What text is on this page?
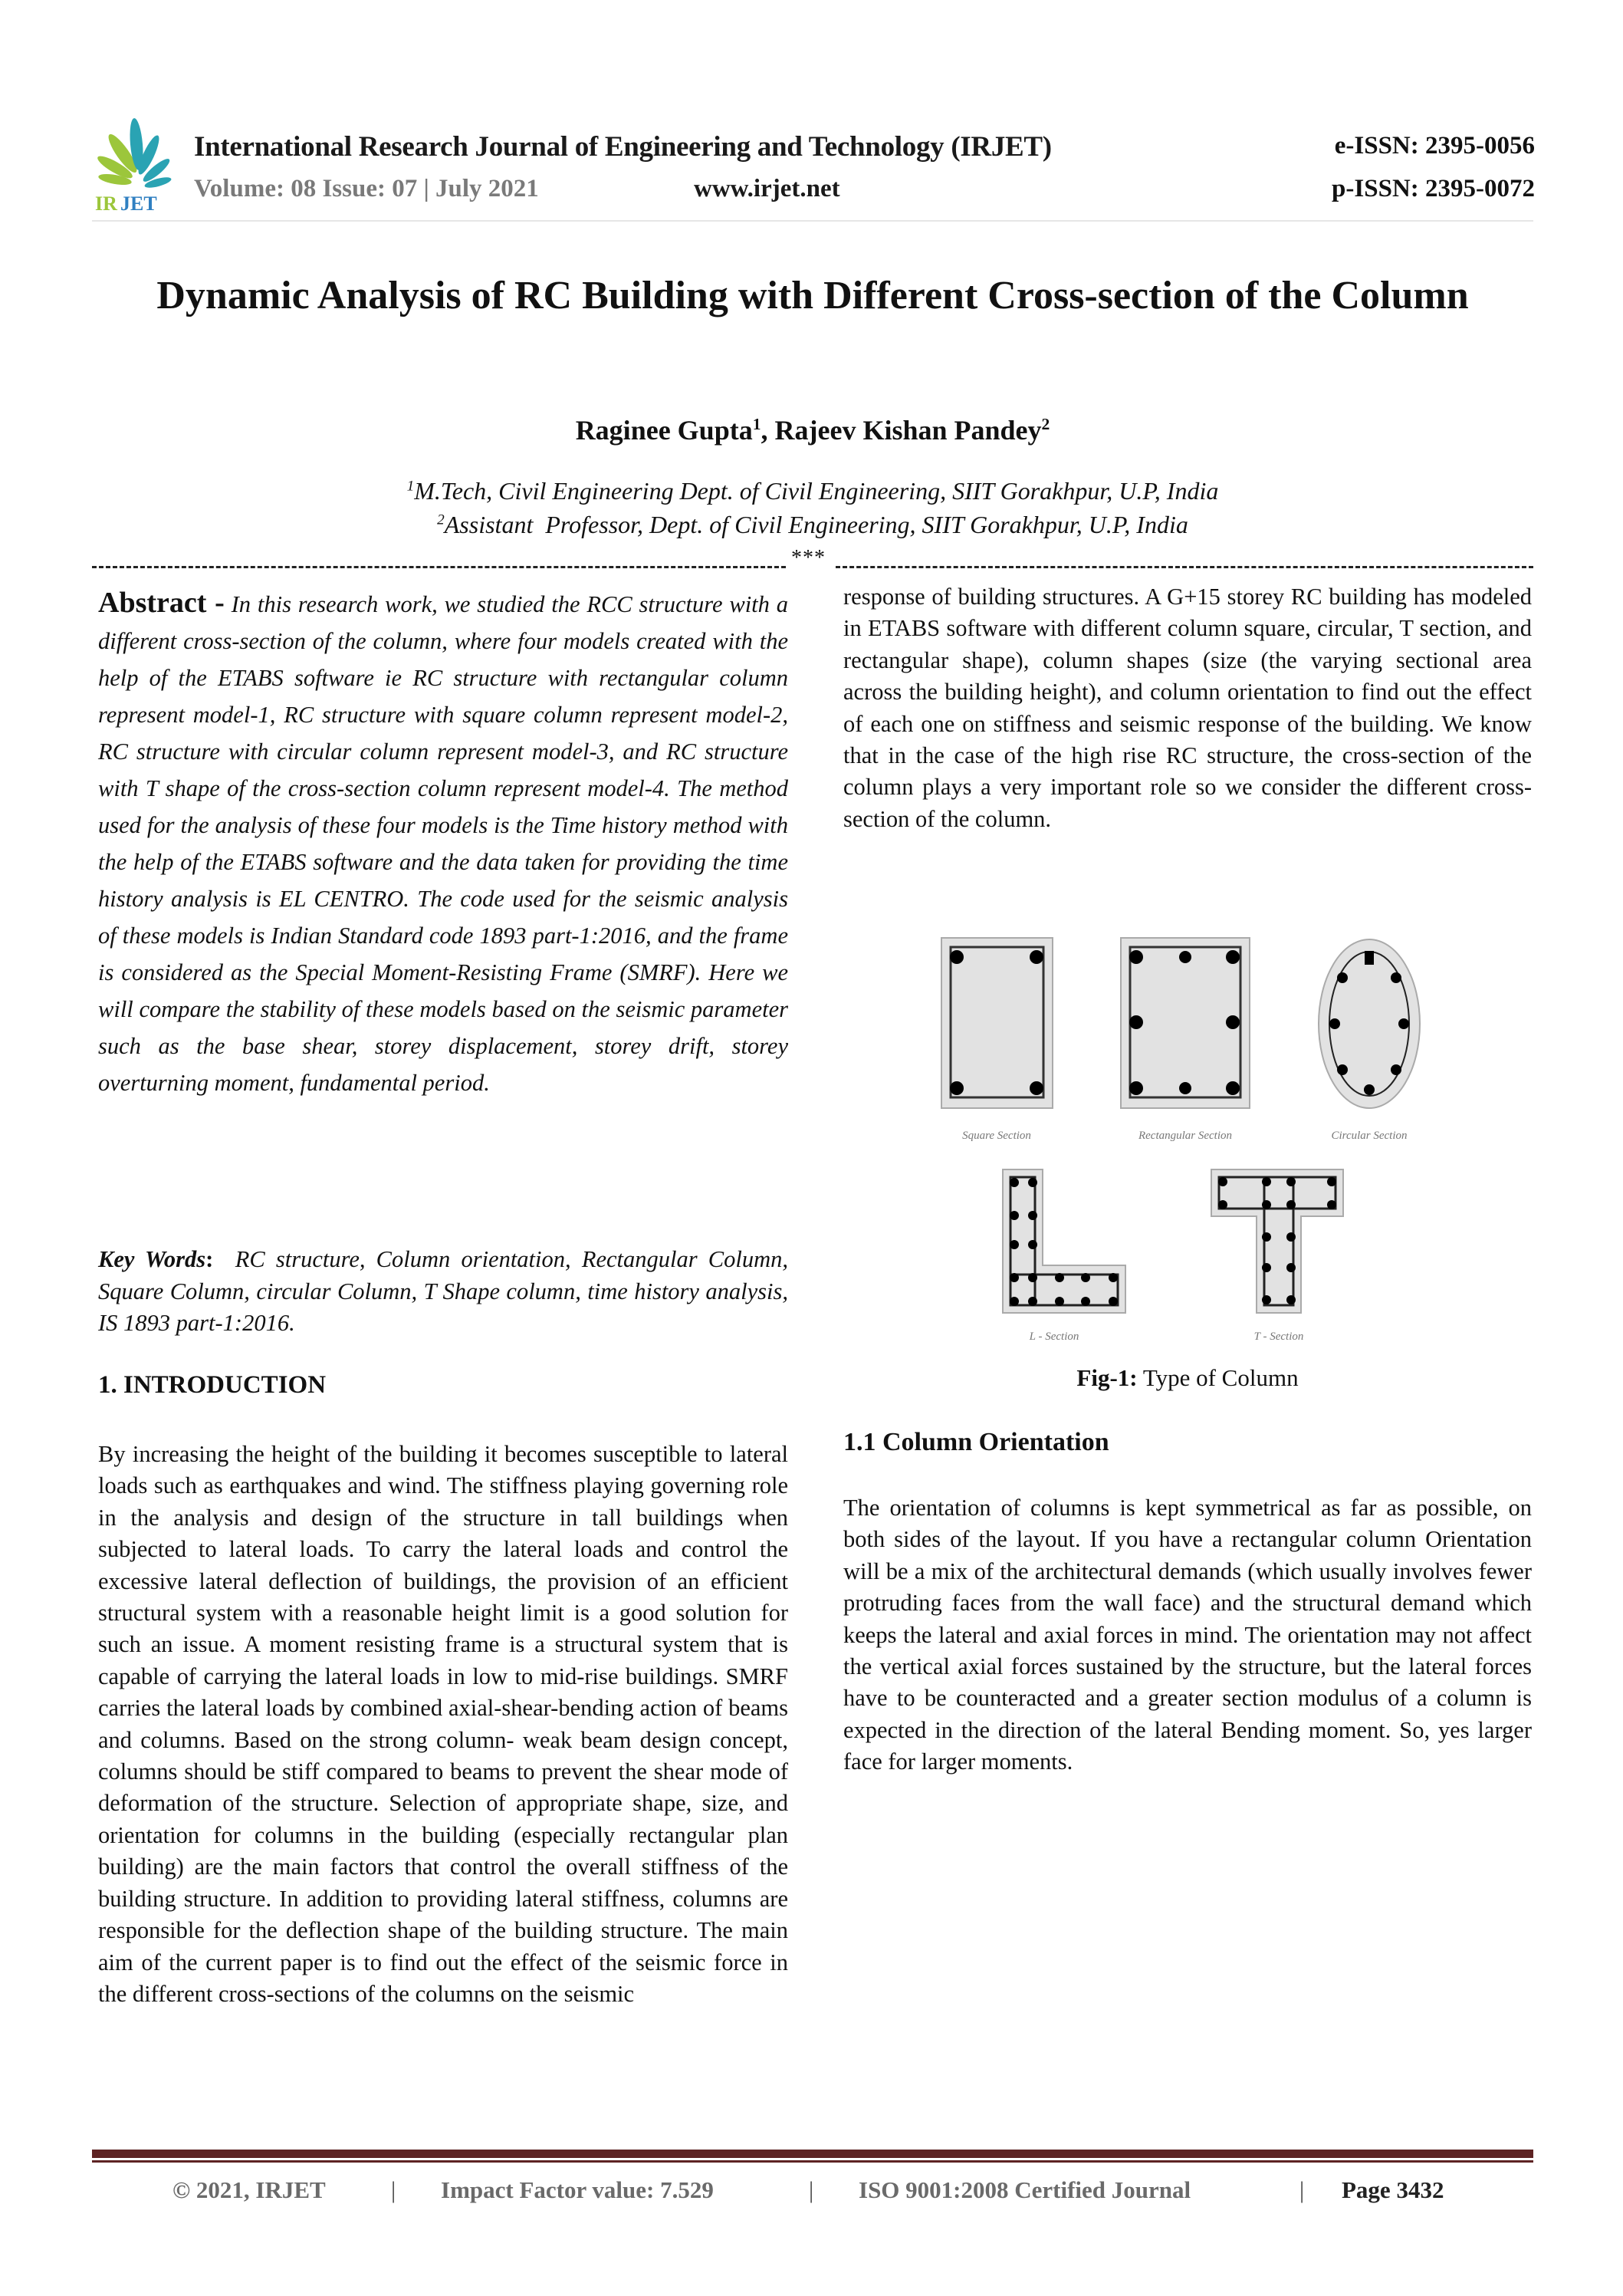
IR JET
International Research Journal of Engineering and Technology (IRJET)
Volume: 08 Issue: 07 | July 2021	www.irjet.net
e-ISSN: 2395-0056
p-ISSN: 2395-0072
Dynamic Analysis of RC Building with Different Cross-section of the Column
Raginee Gupta$^1$, Rajeev Kishan Pandey$^2$
$^1$M.Tech, Civil Engineering Dept. of Civil Engineering, SIIT Gorakhpur, U.P, India
$^2$Assistant  Professor, Dept. of Civil Engineering, SIIT Gorakhpur, U.P, India
***
Abstract - In this research work, we studied the RCC structure with a different cross-section of the column, where four models created with the help of the ETABS software ie RC structure with rectangular column represent model-1, RC structure with square column represent model-2, RC structure with circular column represent model-3, and RC structure with T shape of the cross-section column represent model-4. The method used for the analysis of these four models is the Time history method with the help of the ETABS software and the data taken for providing the time history analysis is EL CENTRO. The code used for the seismic analysis of these models is Indian Standard code 1893 part-1:2016, and the frame is considered as the Special Moment-Resisting Frame (SMRF). Here we will compare the stability of these models based on the seismic parameter such as the base shear, storey displacement, storey drift, storey overturning moment, fundamental period.
Key Words: RC structure, Column orientation, Rectangular Column, Square Column, circular Column, T Shape column, time history analysis, IS 1893 part-1:2016.
1. INTRODUCTION
By increasing the height of the building it becomes susceptible to lateral loads such as earthquakes and wind. The stiffness playing governing role in the analysis and design of the structure in tall buildings when subjected to lateral loads. To carry the lateral loads and control the excessive lateral deflection of buildings, the provision of an efficient structural system with a reasonable height limit is a good solution for such an issue. A moment resisting frame is a structural system that is capable of carrying the lateral loads in low to mid-rise buildings. SMRF carries the lateral loads by combined axial-shear-bending action of beams and columns. Based on the strong column- weak beam design concept, columns should be stiff compared to beams to prevent the shear mode of deformation of the structure. Selection of appropriate shape, size, and orientation for columns in the building (especially rectangular plan building) are the main factors that control the overall stiffness of the building structure. In addition to providing lateral stiffness, columns are responsible for the deflection shape of the building structure. The main aim of the current paper is to find out the effect of the seismic force in the different cross-sections of the columns on the seismic
response of building structures. A G+15 storey RC building has modeled in ETABS software with different column square, circular, T section, and rectangular shape), column shapes (size (the varying sectional area across the building height), and column orientation to find out the effect of each one on stiffness and seismic response of the building. We know that in the case of the high rise RC structure, the cross-section of the column plays a very important role so we consider the different cross-section of the column.
Square Section	Rectangular Section	Circular Section
L - Section	T - Section
Fig-1: Type of Column
1.1 Column Orientation
The orientation of columns is kept symmetrical as far as possible, on both sides of the layout. If you have a rectangular column Orientation will be a mix of the architectural demands (which usually involves fewer protruding faces from the wall face) and the structural demand which keeps the lateral and axial forces in mind. The orientation may not affect the vertical axial forces sustained by the structure, but the lateral forces have to be counteracted and a greater section modulus of a column is expected in the direction of the lateral Bending moment. So, yes larger face for larger moments.
© 2021, IRJET	| Impact Factor value: 7.529	| ISO 9001:2008 Certified Journal	| Page 3432
